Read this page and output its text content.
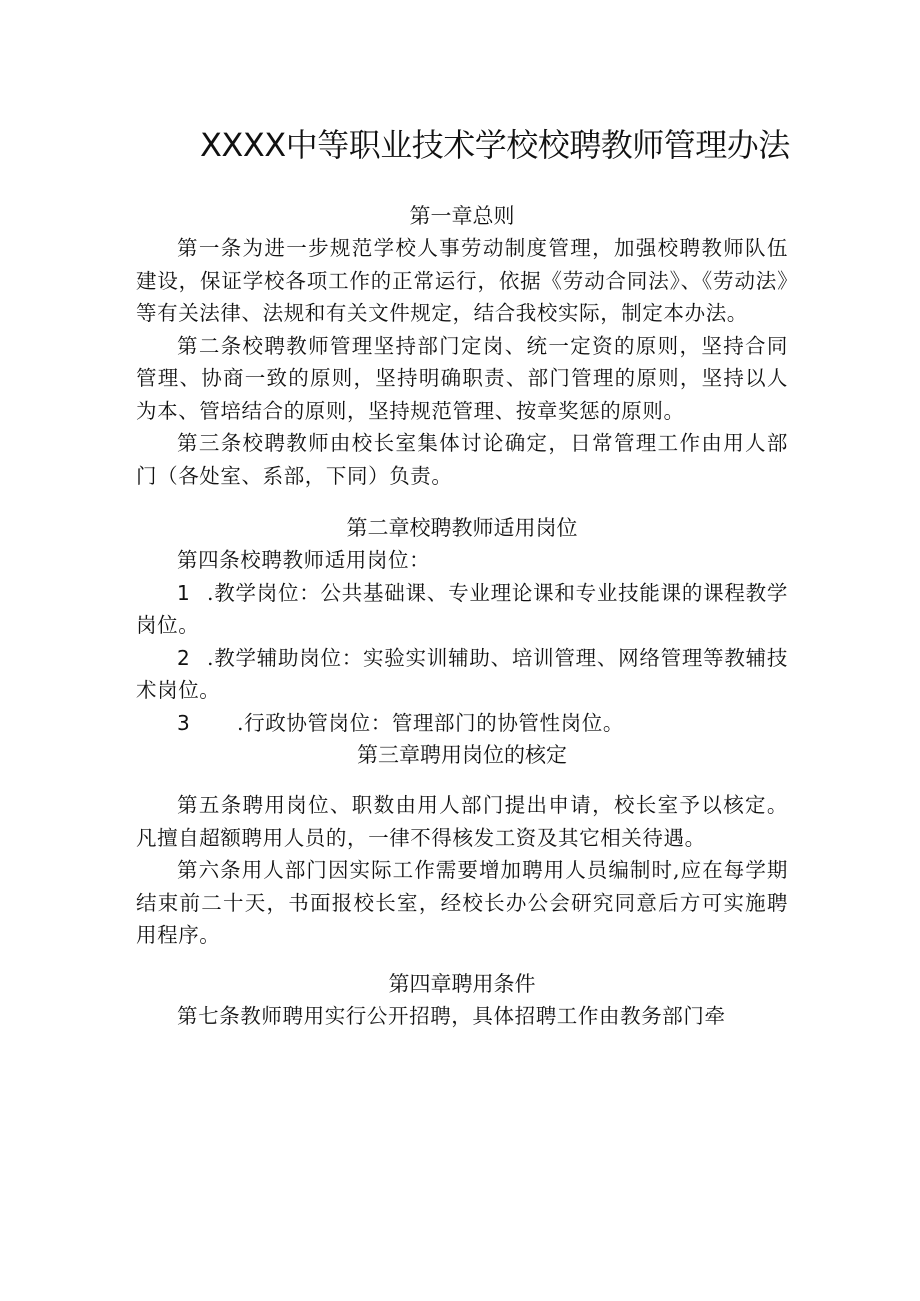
XXXX中等职业技术学校校聘教师管理办法
第一章总则

第一条为进一步规范学校人事劳动制度管理，加强校聘教师队伍建设，保证学校各项工作的正常运行，依据《劳动合同法》、《劳动法》等有关法律、法规和有关文件规定，结合我校实际，制定本办法。

第二条校聘教师管理坚持部门定岗、统一定资的原则，坚持合同管理、协商一致的原则，坚持明确职责、部门管理的原则，坚持以人为本、管培结合的原则，坚持规范管理、按章奖惩的原则。

第三条校聘教师由校长室集体讨论确定，日常管理工作由用人部门（各处室、系部，下同）负责。

第二章校聘教师适用岗位

第四条校聘教师适用岗位：

1 .教学岗位：公共基础课、专业理论课和专业技能课的课程教学岗位。

2 .教学辅助岗位：实验实训辅助、培训管理、网络管理等教辅技术岗位。

3 .行政协管岗位：管理部门的协管性岗位。

第三章聘用岗位的核定

第五条聘用岗位、职数由用人部门提出申请，校长室予以核定。凡擅自超额聘用人员的，一律不得核发工资及其它相关待遇。

第六条用人部门因实际工作需要增加聘用人员编制时,应在每学期结束前二十天，书面报校长室，经校长办公会研究同意后方可实施聘用程序。

第四章聘用条件

第七条教师聘用实行公开招聘，具体招聘工作由教务部门牵
